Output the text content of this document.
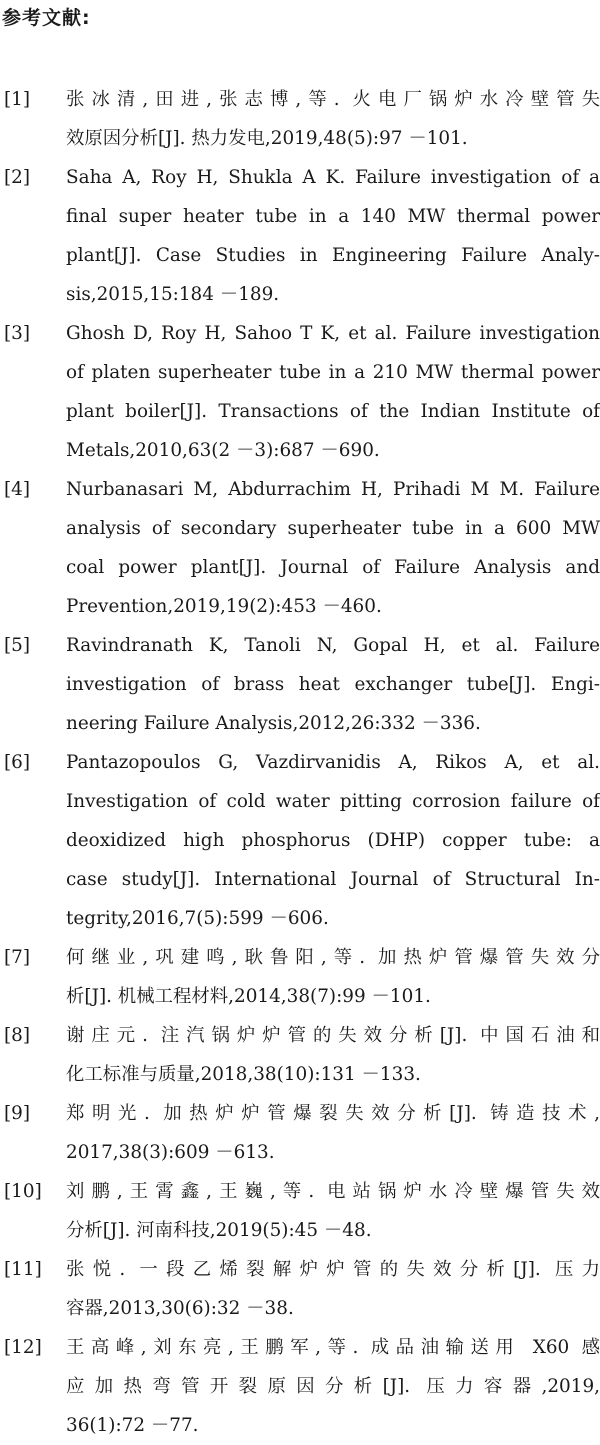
参考文献:
[1] 张冰清,田进,张志博,等. 火电厂锅炉水冷壁管失
效原因分析[J]. 热力发电,2019,48(5):97 －101.
[2] Saha A, Roy H, Shukla A K. Failure investigation of a
final super heater tube in a 140 MW thermal power
plant[J]. Case Studies in Engineering Failure Analy-
sis,2015,15:184 －189.
[3] Ghosh D, Roy H, Sahoo T K, et al. Failure investigation
of platen superheater tube in a 210 MW thermal power
plant boiler[J]. Transactions of the Indian Institute of
Metals,2010,63(2 －3):687 －690.
[4] Nurbanasari M, Abdurrachim H, Prihadi M M. Failure
analysis of secondary superheater tube in a 600 MW
coal power plant[J]. Journal of Failure Analysis and
Prevention,2019,19(2):453 －460.
[5] Ravindranath K, Tanoli N, Gopal H, et al. Failure
investigation of brass heat exchanger tube[J]. Engi-
neering Failure Analysis,2012,26:332 －336.
[6] Pantazopoulos G, Vazdirvanidis A, Rikos A, et al.
Investigation of cold water pitting corrosion failure of
deoxidized high phosphorus (DHP) copper tube: a
case study[J]. International Journal of Structural In-
tegrity,2016,7(5):599 －606.
[7] 何继业,巩建鸣,耿鲁阳,等. 加热炉管爆管失效分
析[J]. 机械工程材料,2014,38(7):99 －101.
[8] 谢庄元. 注汽锅炉炉管的失效分析[J]. 中国石油和
化工标准与质量,2018,38(10):131 －133.
[9] 郑明光. 加热炉炉管爆裂失效分析[J]. 铸造技术,
2017,38(3):609 －613.
[10] 刘鹏,王霄鑫,王巍,等. 电站锅炉水冷壁爆管失效
分析[J]. 河南科技,2019(5):45 －48.
[11] 张悦. 一段乙烯裂解炉炉管的失效分析[J]. 压力
容器,2013,30(6):32 －38.
[12] 王高峰,刘东亮,王鹏军,等. 成品油输送用 X60 感
应加热弯管开裂原因分析[J]. 压力容器,2019,
36(1):72 －77.
